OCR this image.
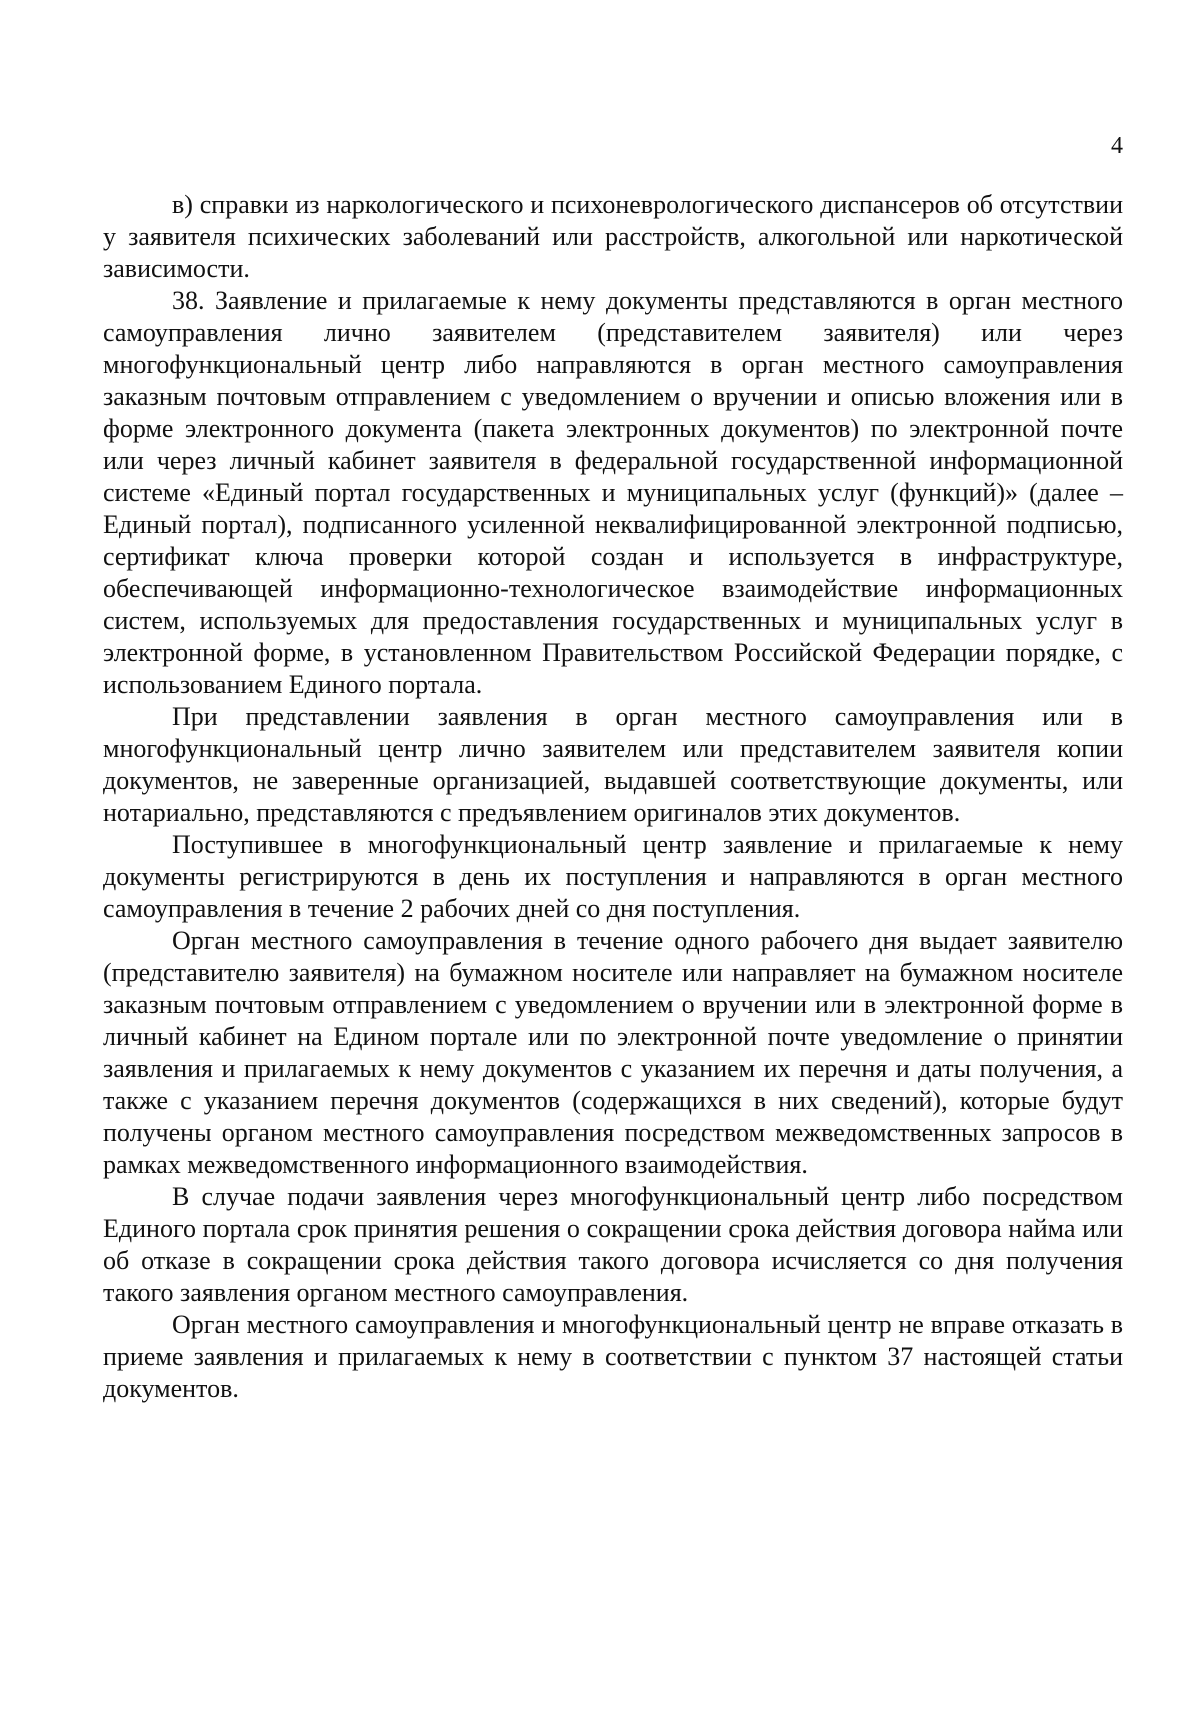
4

в) справки из наркологического и психоневрологического диспансеров об отсутствии у заявителя психических заболеваний или расстройств, алкогольной или наркотической зависимости.

38. Заявление и прилагаемые к нему документы представляются в орган местного самоуправления лично заявителем (представителем заявителя) или через многофункциональный центр либо направляются в орган местного самоуправления заказным почтовым отправлением с уведомлением о вручении и описью вложения или в форме электронного документа (пакета электронных документов) по электронной почте или через личный кабинет заявителя в федеральной государственной информационной системе «Единый портал государственных и муниципальных услуг (функций)» (далее – Единый портал), подписанного усиленной неквалифицированной электронной подписью, сертификат ключа проверки которой создан и используется в инфраструктуре, обеспечивающей информационно-технологическое взаимодействие информационных систем, используемых для предоставления государственных и муниципальных услуг в электронной форме, в установленном Правительством Российской Федерации порядке, с использованием Единого портала.

При представлении заявления в орган местного самоуправления или в многофункциональный центр лично заявителем или представителем заявителя копии документов, не заверенные организацией, выдавшей соответствующие документы, или нотариально, представляются с предъявлением оригиналов этих документов.

Поступившее в многофункциональный центр заявление и прилагаемые к нему документы регистрируются в день их поступления и направляются в орган местного самоуправления в течение 2 рабочих дней со дня поступления.

Орган местного самоуправления в течение одного рабочего дня выдает заявителю (представителю заявителя) на бумажном носителе или направляет на бумажном носителе заказным почтовым отправлением с уведомлением о вручении или в электронной форме в личный кабинет на Едином портале или по электронной почте уведомление о принятии заявления и прилагаемых к нему документов с указанием их перечня и даты получения, а также с указанием перечня документов (содержащихся в них сведений), которые будут получены органом местного самоуправления посредством межведомственных запросов в рамках межведомственного информационного взаимодействия.

В случае подачи заявления через многофункциональный центр либо посредством Единого портала срок принятия решения о сокращении срока действия договора найма или об отказе в сокращении срока действия такого договора исчисляется со дня получения такого заявления органом местного самоуправления.

Орган местного самоуправления и многофункциональный центр не вправе отказать в приеме заявления и прилагаемых к нему в соответствии с пунктом 37 настоящей статьи документов.
